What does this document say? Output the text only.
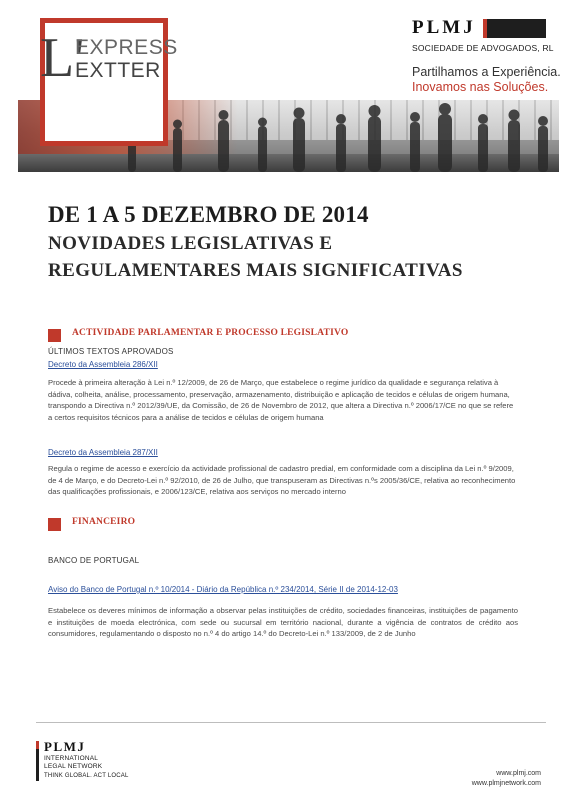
L'
EXPRESS
EXTTER
PLMJ
SOCIEDADE DE ADVOGADOS, RL
Partilhamos a Experiência.
Inovamos nas Soluções.
DE 1 A 5 DEZEMBRO DE 2014
NOVIDADES LEGISLATIVAS E
REGULAMENTARES MAIS SIGNIFICATIVAS
ACTIVIDADE PARLAMENTAR E PROCESSO LEGISLATIVO
ÚLTIMOS TEXTOS APROVADOS
Decreto da Assembleia 286/XII
Procede à primeira alteração à Lei n.º 12/2009, de 26 de Março, que estabelece o regime jurídico da qualidade e segurança relativa à dádiva, colheita, análise, processamento, preservação, armazenamento, distribuição e aplicação de tecidos e células de origem humana, transpondo a Directiva n.º 2012/39/UE, da Comissão, de 26 de Novembro de 2012, que altera a Directiva n.º 2006/17/CE no que se refere a certos requisitos técnicos para a análise de tecidos e células de origem humana
Decreto da Assembleia 287/XII
Regula o regime de acesso e exercício da actividade profissional de cadastro predial, em conformidade com a disciplina da Lei n.º 9/2009, de 4 de Março, e do Decreto-Lei n.º 92/2010, de 26 de Julho, que transpuseram as Directivas n.ºs 2005/36/CE, relativa ao reconhecimento das qualificações profissionais, e 2006/123/CE, relativa aos serviços no mercado interno
FINANCEIRO
BANCO DE PORTUGAL
Aviso do Banco de Portugal n.º 10/2014 - Diário da República n.º 234/2014, Série II de 2014-12-03
Estabelece os deveres mínimos de informação a observar pelas instituições de crédito, sociedades financeiras, instituições de pagamento e instituições de moeda electrónica, com sede ou sucursal em território nacional, durante a vigência de contratos de crédito aos consumidores, regulamentando o disposto no n.º 4 do artigo 14.º do Decreto-Lei n.º 133/2009, de 2 de Junho
PLMJ
INTERNATIONAL
LEGAL NETWORK
THINK GLOBAL. ACT LOCAL	www.plmj.com
www.plmjnetwork.com
